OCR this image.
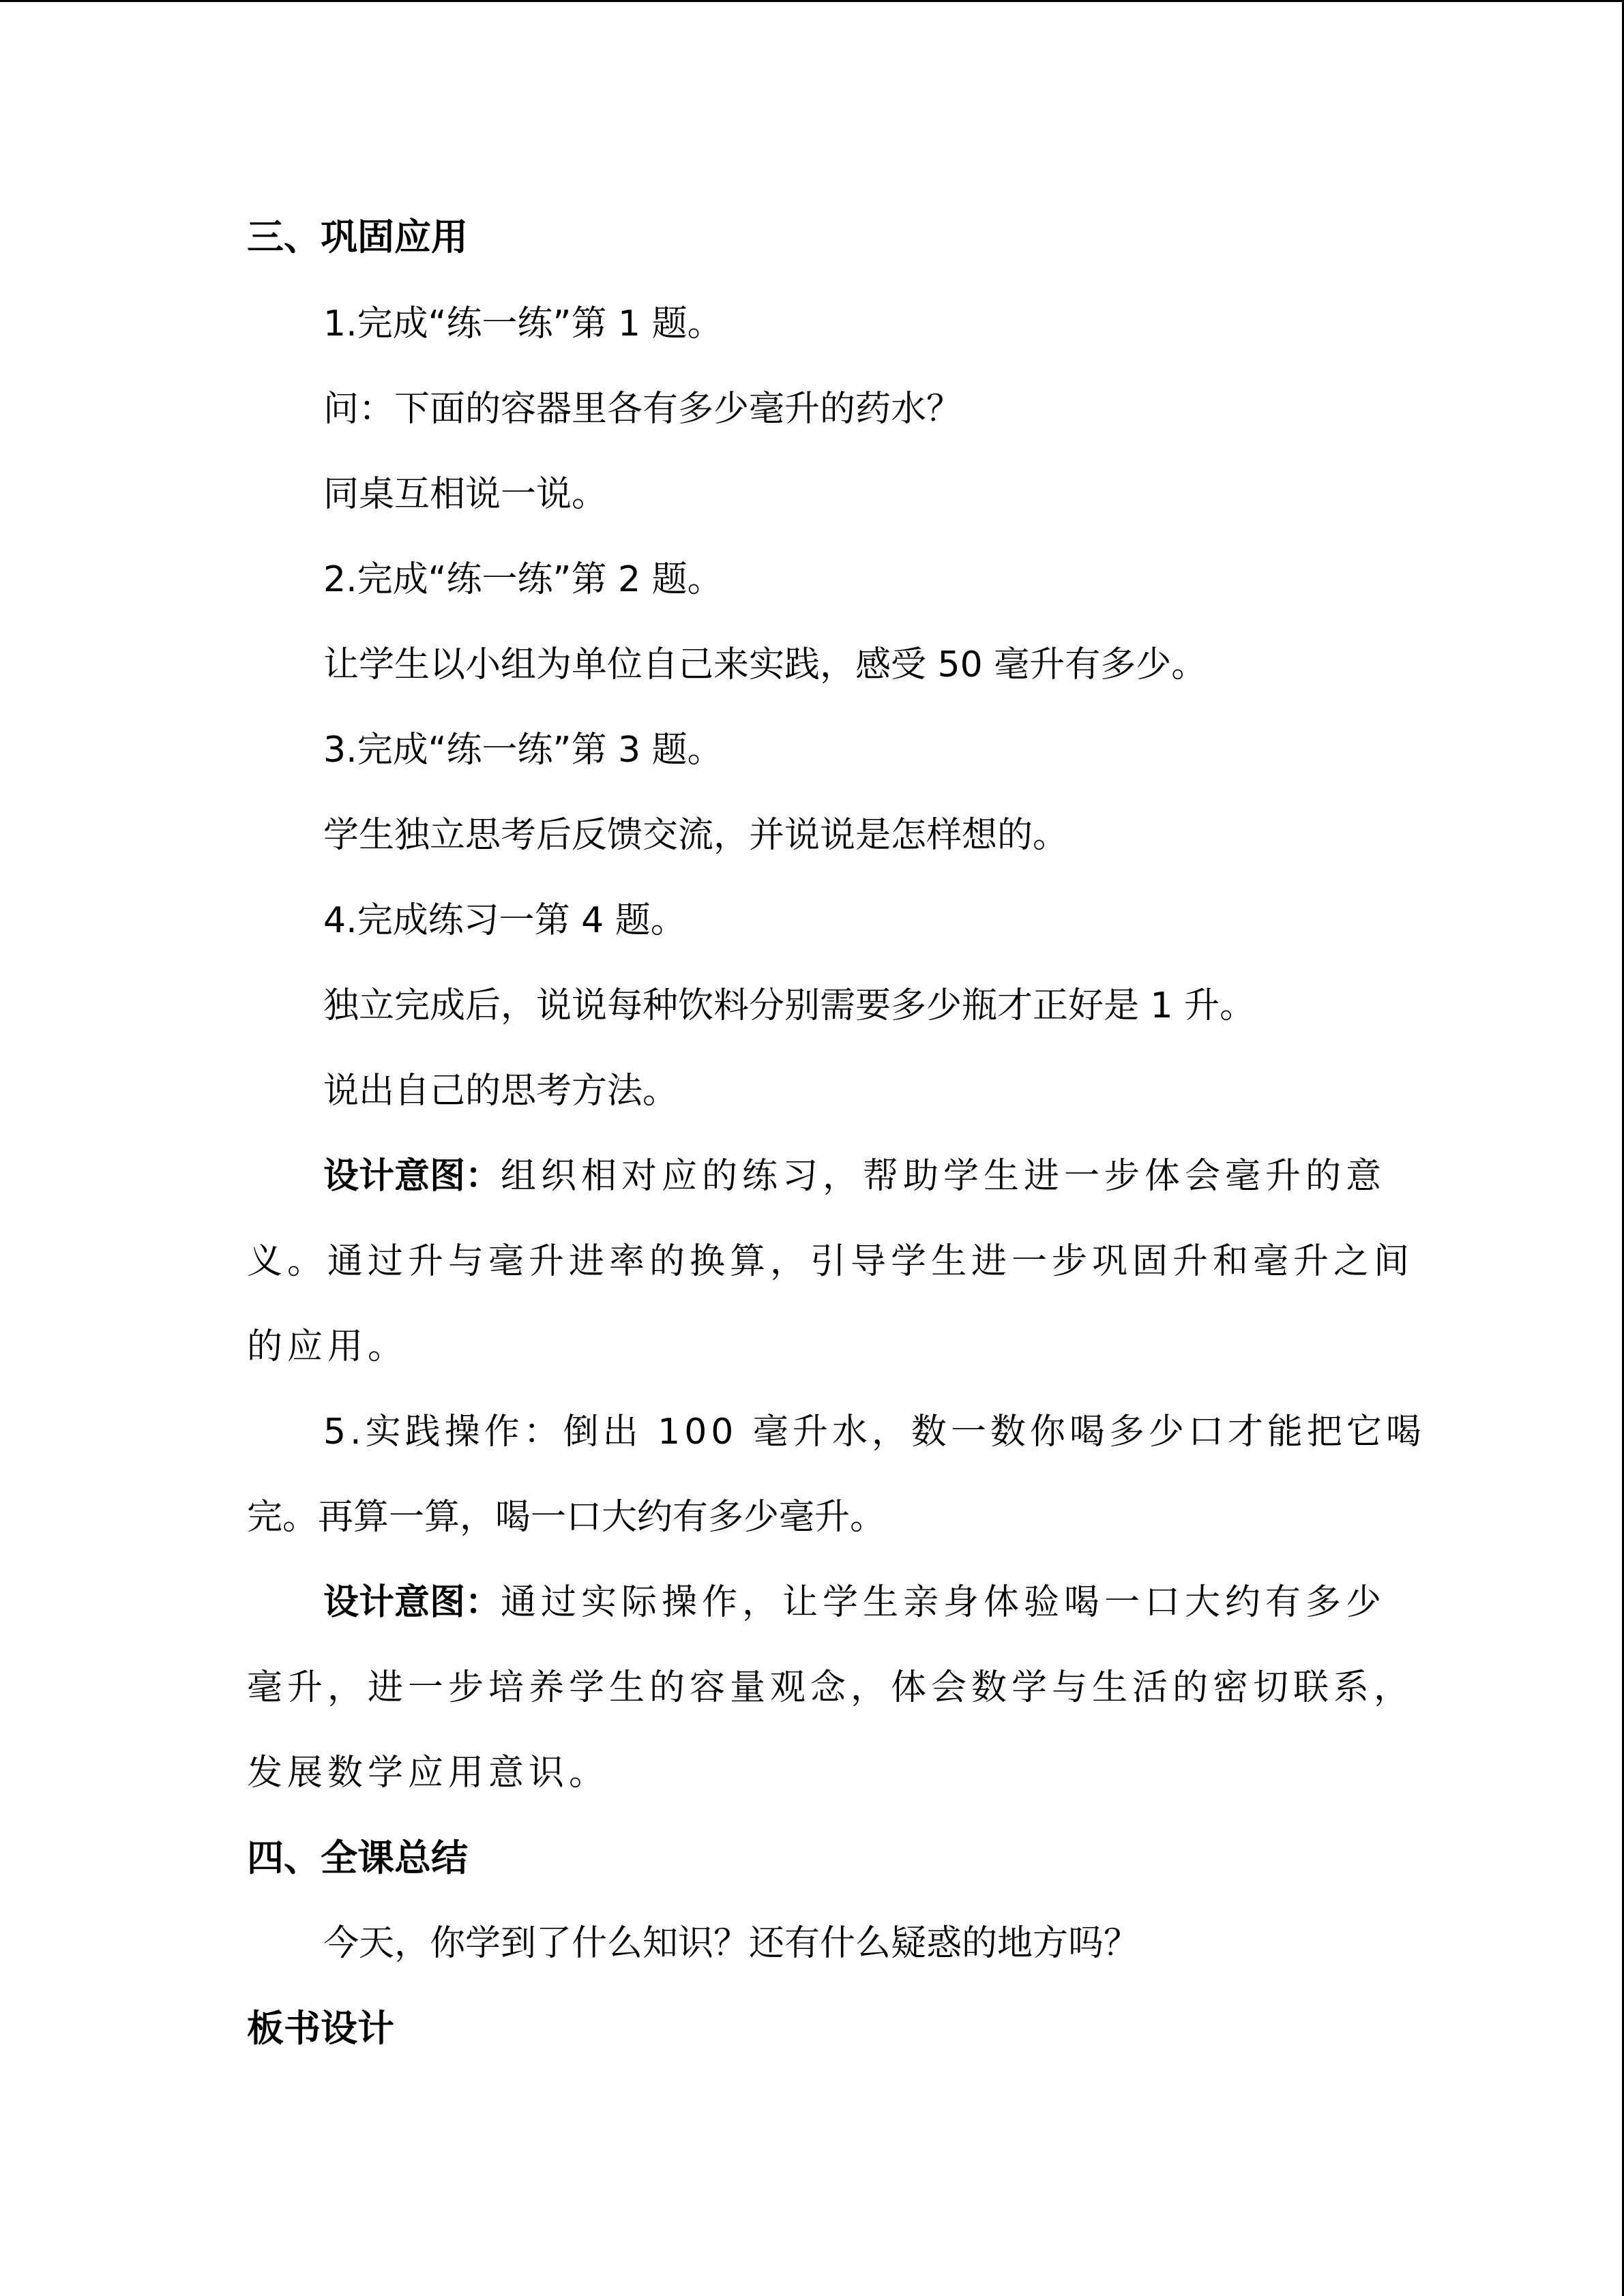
三、巩固应用
1.完成“练一练”第 1 题。
问：下面的容器里各有多少毫升的药水？
同桌互相说一说。
2.完成“练一练”第 2 题。
让学生以小组为单位自己来实践，感受 50 毫升有多少。
3.完成“练一练”第 3 题。
学生独立思考后反馈交流，并说说是怎样想的。
4.完成练习一第 4 题。
独立完成后，说说每种饮料分别需要多少瓶才正好是 1 升。
说出自己的思考方法。
设计意图：组织相对应的练习，帮助学生进一步体会毫升的意
义。通过升与毫升进率的换算，引导学生进一步巩固升和毫升之间
的应用。
5.实践操作：倒出 100 毫升水，数一数你喝多少口才能把它喝
完。再算一算，喝一口大约有多少毫升。
设计意图：通过实际操作，让学生亲身体验喝一口大约有多少
毫升，进一步培养学生的容量观念，体会数学与生活的密切联系，
发展数学应用意识。
四、全课总结
今天，你学到了什么知识？还有什么疑惑的地方吗？
板书设计
